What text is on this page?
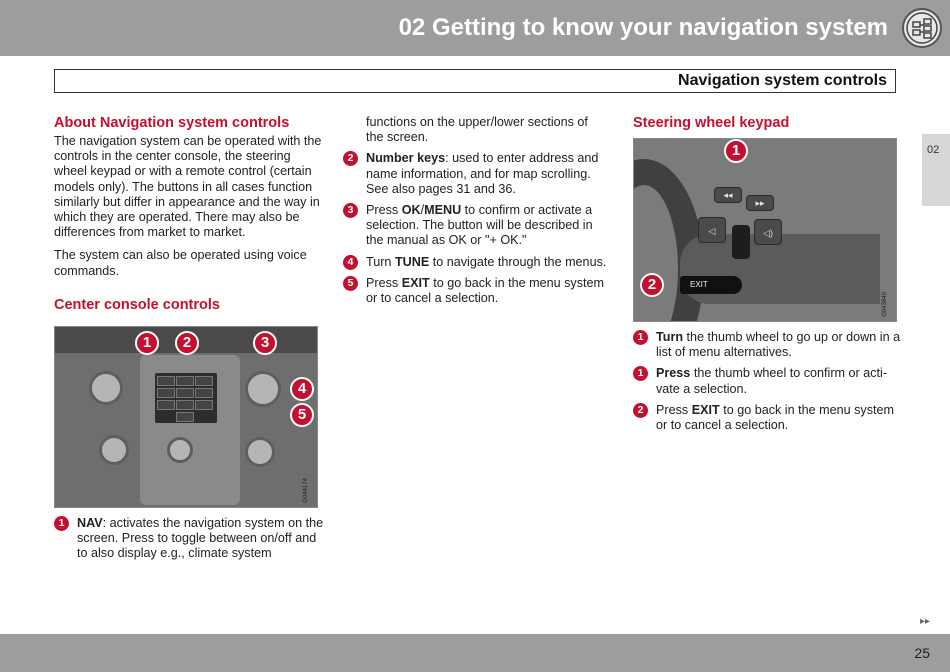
02 Getting to know your navigation system
Navigation system controls
02
About Navigation system controls

The navigation system can be operated with the controls in the center console, the steering wheel keypad or with a remote control (certain models only). The buttons in all cases function similarly but differ in appearance and the way in which they are operated. There may also be differences from market to market.

The system can also be operated using voice commands.

Center console controls
1	2	3
4
5
G044174
1 NAV: activates the navigation system on the screen. Press to toggle between on/off and to also display e.g., climate system
functions on the upper/lower sections of the screen.
2 Number keys: used to enter address and name information, and for map scrolling. See also pages 31 and 36.
3 Press OK/MENU to confirm or activate a selection. The button will be described in the manual as OK or "+ OK."
4 Turn TUNE to navigate through the menus.
5 Press EXIT to go back in the menu system or to cancel a selection.
Steering wheel keypad
◂◂
▸▸
◁	◁)
EXIT
1
2
G043840
1 Turn the thumb wheel to go up or down in a list of menu alternatives.
1 Press the thumb wheel to confirm or acti-vate a selection.
2 Press EXIT to go back in the menu system or to cancel a selection.
▸▸
25
